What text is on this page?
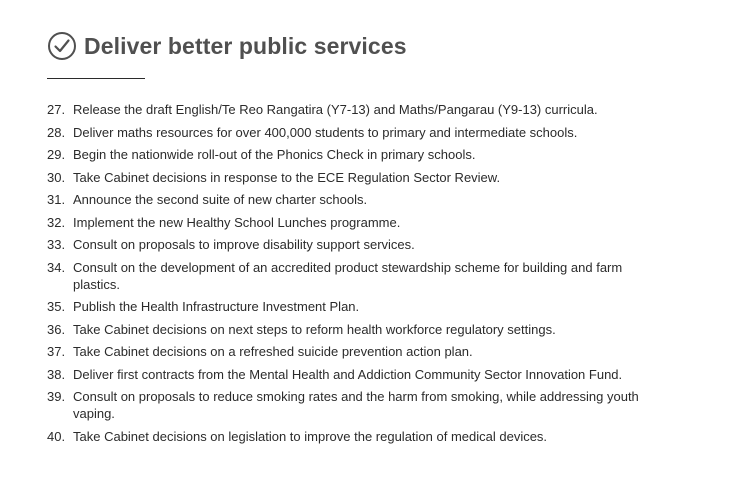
Deliver better public services
27. Release the draft English/Te Reo Rangatira (Y7-13) and Maths/Pangarau (Y9-13) curricula.
28. Deliver maths resources for over 400,000 students to primary and intermediate schools.
29. Begin the nationwide roll-out of the Phonics Check in primary schools.
30. Take Cabinet decisions in response to the ECE Regulation Sector Review.
31. Announce the second suite of new charter schools.
32. Implement the new Healthy School Lunches programme.
33. Consult on proposals to improve disability support services.
34. Consult on the development of an accredited product stewardship scheme for building and farm plastics.
35. Publish the Health Infrastructure Investment Plan.
36. Take Cabinet decisions on next steps to reform health workforce regulatory settings.
37. Take Cabinet decisions on a refreshed suicide prevention action plan.
38. Deliver first contracts from the Mental Health and Addiction Community Sector Innovation Fund.
39. Consult on proposals to reduce smoking rates and the harm from smoking, while addressing youth vaping.
40. Take Cabinet decisions on legislation to improve the regulation of medical devices.
